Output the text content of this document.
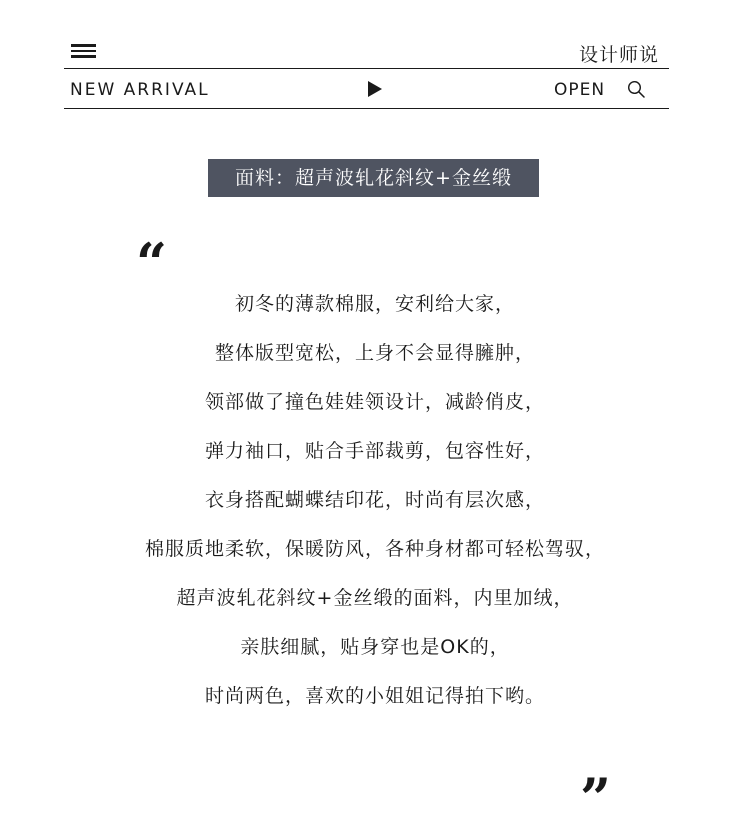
设计师说
NEW ARRIVAL	OPEN
面料：超声波轧花斜纹+金丝缎
“
初冬的薄款棉服，安利给大家，
整体版型宽松，上身不会显得臃肿，
领部做了撞色娃娃领设计，减龄俏皮，
弹力袖口，贴合手部裁剪，包容性好，
衣身搭配蝴蝶结印花，时尚有层次感，
棉服质地柔软，保暖防风，各种身材都可轻松驾驭，
超声波轧花斜纹+金丝缎的面料，内里加绒，
亲肤细腻，贴身穿也是OK的，
时尚两色，喜欢的小姐姐记得拍下哟。
”
